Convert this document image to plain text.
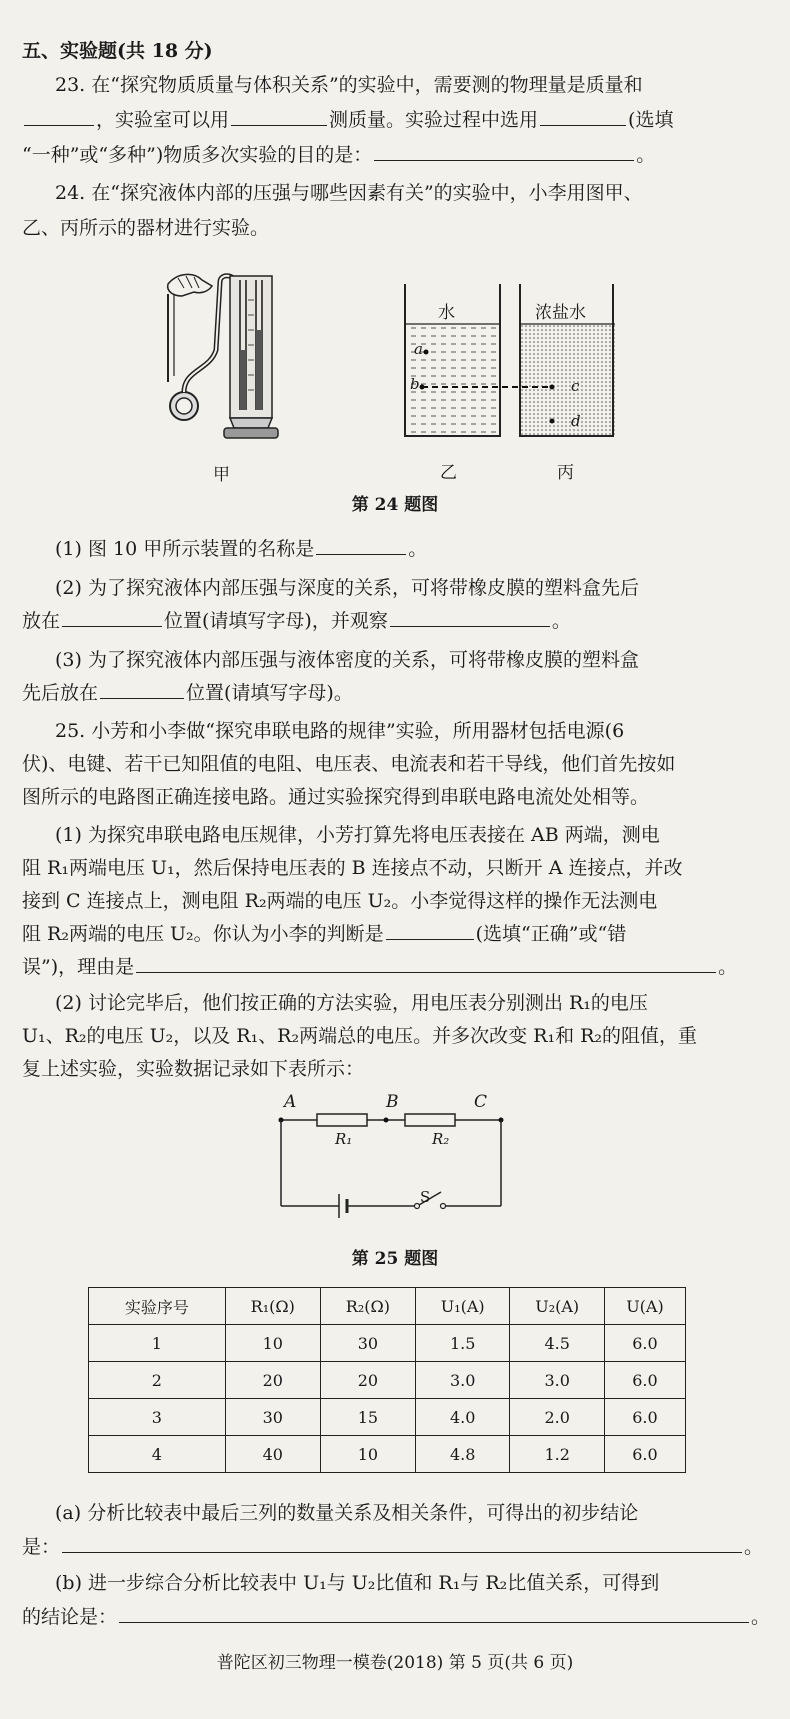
五、实验题(共 18 分)
23. 在“探究物质质量与体积关系”的实验中，需要测的物理量是质量和
，实验室可以用	测质量。实验过程中选用	(选填
“一种”或“多种”)物质多次实验的目的是：	。
24. 在“探究液体内部的压强与哪些因素有关”的实验中，小李用图甲、
乙、丙所示的器材进行实验。
水	浓盐水
a
b	c
d
甲	乙	丙
第 24 题图
(1) 图 10 甲所示装置的名称是	。
(2) 为了探究液体内部压强与深度的关系，可将带橡皮膜的塑料盒先后
放在	位置(请填写字母)，并观察	。
(3) 为了探究液体内部压强与液体密度的关系，可将带橡皮膜的塑料盒
先后放在	位置(请填写字母)。
25. 小芳和小李做“探究串联电路的规律”实验，所用器材包括电源(6
伏)、电键、若干已知阻值的电阻、电压表、电流表和若干导线，他们首先按如
图所示的电路图正确连接电路。通过实验探究得到串联电路电流处处相等。
(1) 为探究串联电路电压规律，小芳打算先将电压表接在 AB 两端，测电
阻 R₁两端电压 U₁，然后保持电压表的 B 连接点不动，只断开 A 连接点，并改
接到 C 连接点上，测电阻 R₂两端的电压 U₂。小李觉得这样的操作无法测电
阻 R₂两端的电压 U₂。你认为小李的判断是	(选填“正确”或“错
误”)，理由是	。
(2) 讨论完毕后，他们按正确的方法实验，用电压表分别测出 R₁的电压
U₁、R₂的电压 U₂，以及 R₁、R₂两端总的电压。并多次改变 R₁和 R₂的阻值，重
复上述实验，实验数据记录如下表所示：
A	B	C
R₁	R₂
S
第 25 题图
实验序号	R₁(Ω)	R₂(Ω)	U₁(A)	U₂(A)	U(A)
1	10	30	1.5	4.5	6.0
2	20	20	3.0	3.0	6.0
3	30	15	4.0	2.0	6.0
4	40	10	4.8	1.2	6.0
(a) 分析比较表中最后三列的数量关系及相关条件，可得出的初步结论
是：	。
(b) 进一步综合分析比较表中 U₁与 U₂比值和 R₁与 R₂比值关系，可得到
的结论是：	。
普陀区初三物理一模卷(2018) 第 5 页(共 6 页)
